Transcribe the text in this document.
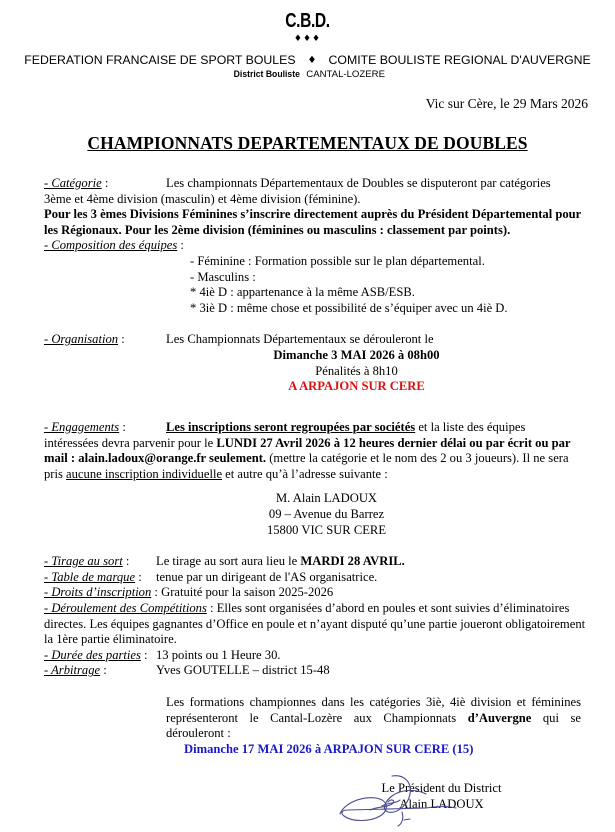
C.B.D.
♦♦♦
FEDERATION FRANCAISE DE SPORT BOULES ♦ COMITE BOULISTE REGIONAL D'AUVERGNE
District Bouliste CANTAL-LOZERE
Vic sur Cère, le 29 Mars 2026
CHAMPIONNATS DEPARTEMENTAUX DE DOUBLES
- Catégorie :	Les championnats Départementaux de Doubles se disputeront par catégories
3ème et 4ème division (masculin) et 4ème division (féminine).
Pour les 3 èmes Divisions Féminines s’inscrire directement auprès du Président Départemental pour les Régionaux. Pour les 2ème division (féminines ou masculins : classement par points).
- Composition des équipes :
- Féminine : Formation possible sur le plan départemental.
- Masculins :
* 4iè D : appartenance à la même ASB/ESB.
* 3iè D : même chose et possibilité de s’équiper avec un 4iè D.
- Organisation :	Les Championnats Départementaux se dérouleront le
Dimanche 3 MAI 2026 à 08h00
Pénalités à 8h10
A ARPAJON SUR CERE
- Engagements :	Les inscriptions seront regroupées par sociétés et la liste des équipes
intéressées devra parvenir pour le LUNDI 27 Avril 2026 à 12 heures dernier délai ou par écrit ou par
mail : alain.ladoux@orange.fr seulement. (mettre la catégorie et le nom des 2 ou 3 joueurs). Il ne sera
pris aucune inscription individuelle et autre qu’à l’adresse suivante :
M. Alain LADOUX
09 – Avenue du Barrez
15800 VIC SUR CERE
- Tirage au sort :	Le tirage au sort aura lieu le MARDI 28 AVRIL.
- Table de marque :	tenue par un dirigeant de l'AS organisatrice.
- Droits d’inscription : Gratuité pour la saison 2025-2026
- Déroulement des Compétitions : Elles sont organisées d’abord en poules et sont suivies d’éliminatoires directes. Les équipes gagnantes d’Office en poule et n’ayant disputé qu’une partie joueront obligatoirement la 1ère partie éliminatoire.
- Durée des parties : 13 points ou 1 Heure 30.
- Arbitrage :	Yves GOUTELLE – district 15-48
Les formations championnes dans les catégories 3iè, 4iè division et féminines représenteront le Cantal-Lozère aux Championnats d’Auvergne qui se dérouleront :
Dimanche 17 MAI 2026 à ARPAJON SUR CERE (15)
Le Président du District
Alain LADOUX
